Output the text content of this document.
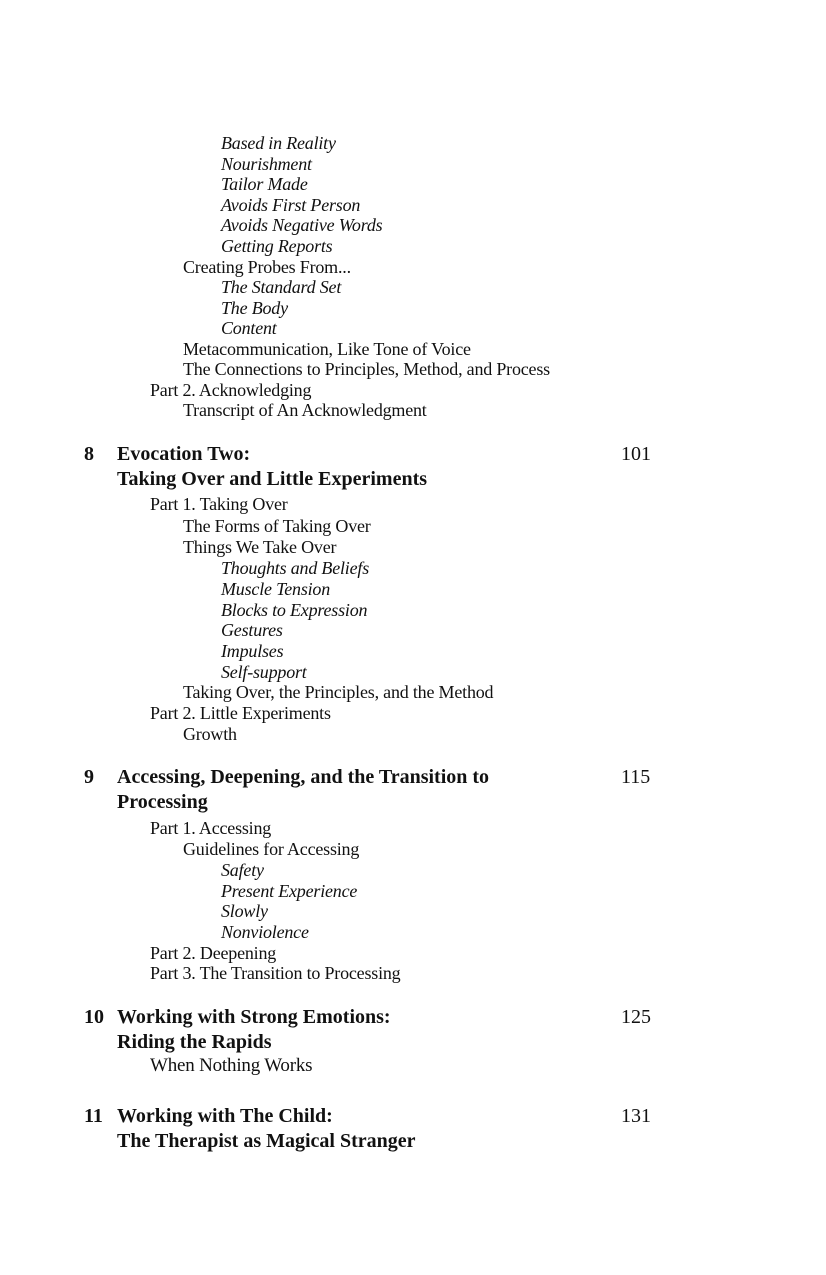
Based in Reality
Nourishment
Tailor Made
Avoids First Person
Avoids Negative Words
Getting Reports
Creating Probes From...
The Standard Set
The Body
Content
Metacommunication, Like Tone of Voice
The Connections to Principles, Method, and Process
Part 2. Acknowledging
Transcript of An Acknowledgment
8 Evocation Two:	101
Taking Over and Little Experiments
Part 1. Taking Over
The Forms of Taking Over
Things We Take Over
Thoughts and Beliefs
Muscle Tension
Blocks to Expression
Gestures
Impulses
Self-support
Taking Over, the Principles, and the Method
Part 2. Little Experiments
Growth
9 Accessing, Deepening, and the Transition to	115
Processing
Part 1. Accessing
Guidelines for Accessing
Safety
Present Experience
Slowly
Nonviolence
Part 2. Deepening
Part 3. The Transition to Processing
10 Working with Strong Emotions:	125
Riding the Rapids
When Nothing Works
11 Working with The Child:	131
The Therapist as Magical Stranger
